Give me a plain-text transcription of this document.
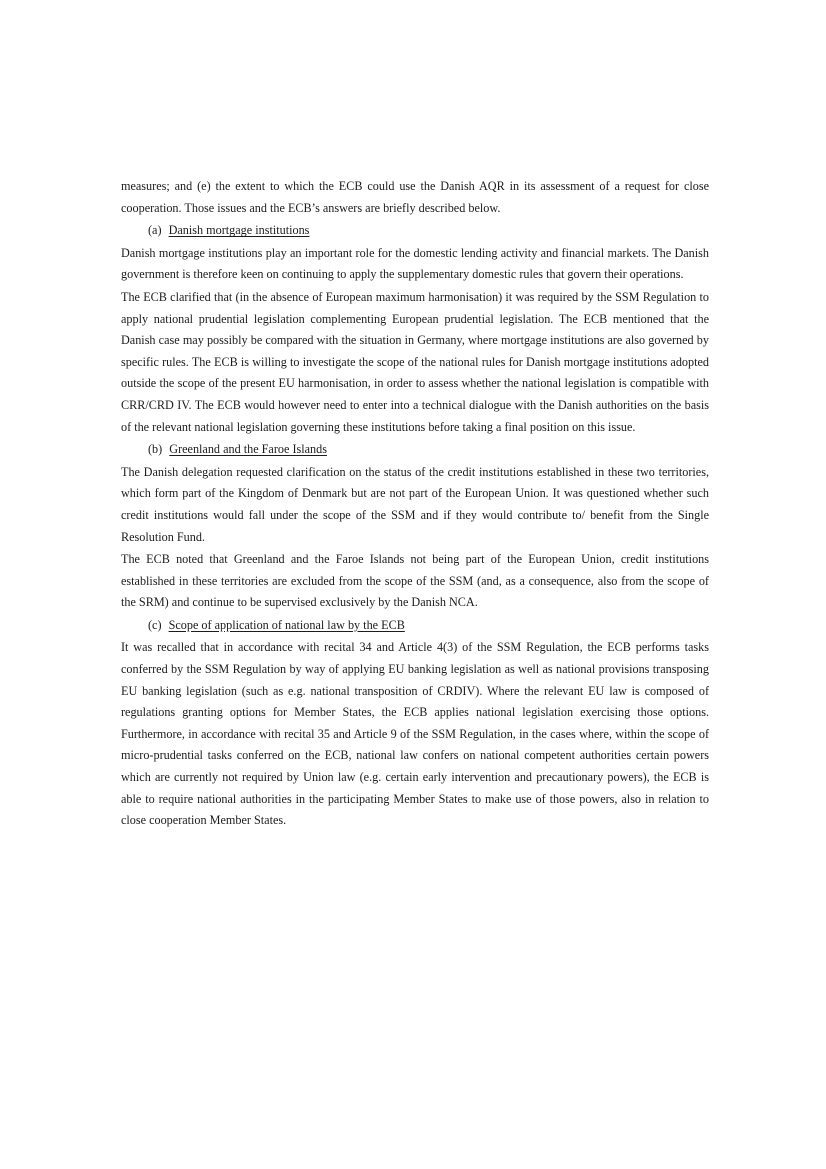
measures; and (e) the extent to which the ECB could use the Danish AQR in its assessment of a request for close cooperation. Those issues and the ECB’s answers are briefly described below.

(a) Danish mortgage institutions

Danish mortgage institutions play an important role for the domestic lending activity and financial markets. The Danish government is therefore keen on continuing to apply the supplementary domestic rules that govern their operations.

The ECB clarified that (in the absence of European maximum harmonisation) it was required by the SSM Regulation to apply national prudential legislation complementing European prudential legislation. The ECB mentioned that the Danish case may possibly be compared with the situation in Germany, where mortgage institutions are also governed by specific rules. The ECB is willing to investigate the scope of the national rules for Danish mortgage institutions adopted outside the scope of the present EU harmonisation, in order to assess whether the national legislation is compatible with CRR/CRD IV. The ECB would however need to enter into a technical dialogue with the Danish authorities on the basis of the relevant national legislation governing these institutions before taking a final position on this issue.

(b) Greenland and the Faroe Islands

The Danish delegation requested clarification on the status of the credit institutions established in these two territories, which form part of the Kingdom of Denmark but are not part of the European Union. It was questioned whether such credit institutions would fall under the scope of the SSM and if they would contribute to/ benefit from the Single Resolution Fund.

The ECB noted that Greenland and the Faroe Islands not being part of the European Union, credit institutions established in these territories are excluded from the scope of the SSM (and, as a consequence, also from the scope of the SRM) and continue to be supervised exclusively by the Danish NCA.

(c) Scope of application of national law by the ECB

It was recalled that in accordance with recital 34 and Article 4(3) of the SSM Regulation, the ECB performs tasks conferred by the SSM Regulation by way of applying EU banking legislation as well as national provisions transposing EU banking legislation (such as e.g. national transposition of CRDIV). Where the relevant EU law is composed of regulations granting options for Member States, the ECB applies national legislation exercising those options. Furthermore, in accordance with recital 35 and Article 9 of the SSM Regulation, in the cases where, within the scope of micro-prudential tasks conferred on the ECB, national law confers on national competent authorities certain powers which are currently not required by Union law (e.g. certain early intervention and precautionary powers), the ECB is able to require national authorities in the participating Member States to make use of those powers, also in relation to close cooperation Member States.
